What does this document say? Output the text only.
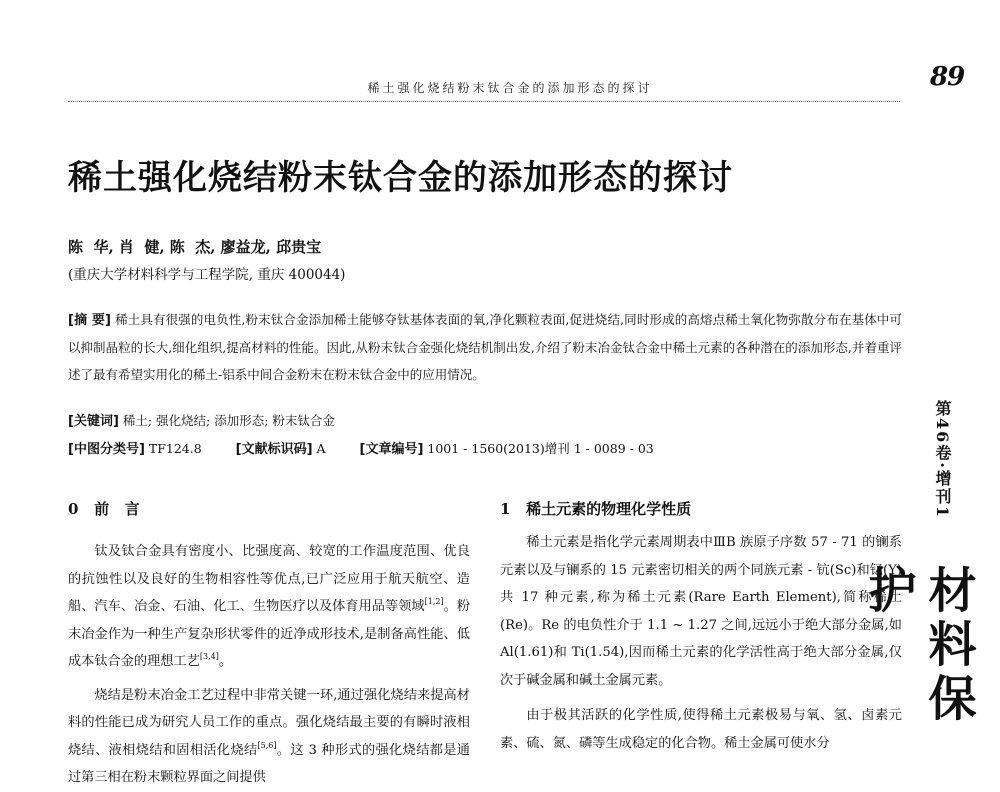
稀土强化烧结粉末钛合金的添加形态的探讨	89
稀土强化烧结粉末钛合金的添加形态的探讨
陈  华, 肖  健, 陈  杰, 廖益龙, 邱贵宝
(重庆大学材料科学与工程学院, 重庆 400044)
[摘 要] 稀土具有很强的电负性,粉末钛合金添加稀土能够夺钛基体表面的氧,净化颗粒表面,促进烧结,同时形成的高熔点稀土氧化物弥散分布在基体中可以抑制晶粒的长大,细化组织,提高材料的性能。因此,从粉末钛合金强化烧结机制出发,介绍了粉末冶金钛合金中稀土元素的各种潜在的添加形态,并着重评述了最有希望实用化的稀土-铝系中间合金粉末在粉末钛合金中的应用情况。
[关键词] 稀土; 强化烧结; 添加形态; 粉末钛合金
[中图分类号] TF124.8	[文献标识码] A	[文章编号] 1001 - 1560(2013)增刊 1 - 0089 - 03
0   前   言	1   稀土元素的物理化学性质

钛及钛合金具有密度小、比强度高、较宽的工作温度范围、优良的抗蚀性以及良好的生物相容性等优点,已广泛应用于航天航空、造船、汽车、冶金、石油、化工、生物医疗以及体育用品等领域[1,2]。粉末冶金作为一种生产复杂形状零件的近净成形技术,是制备高性能、低成本钛合金的理想工艺[3,4]。

烧结是粉末冶金工艺过程中非常关键一环,通过强化烧结来提高材料的性能已成为研究人员工作的重点。强化烧结最主要的有瞬时液相烧结、液相烧结和固相活化烧结[5,6]。这 3 种形式的强化烧结都是通过第三相在粉末颗粒界面之间提供

稀土元素是指化学元素周期表中ⅢB 族原子序数 57 - 71 的镧系元素以及与镧系的 15 元素密切相关的两个同族元素 - 钪(Sc)和钇(Y)共 17 种元素,称为稀土元素(Rare Earth Element),简称稀土(Re)。Re 的电负性介于 1.1 ~ 1.27 之间,远远小于绝大部分金属,如 Al(1.61)和 Ti(1.54),因而稀土元素的化学活性高于绝大部分金属,仅次于碱金属和碱土金属元素。

由于极其活跃的化学性质,使得稀土元素极易与氧、氢、卤素元素、硫、氮、磷等生成稳定的化合物。稀土金属可使水分

第46卷·增刊1
材料保护
